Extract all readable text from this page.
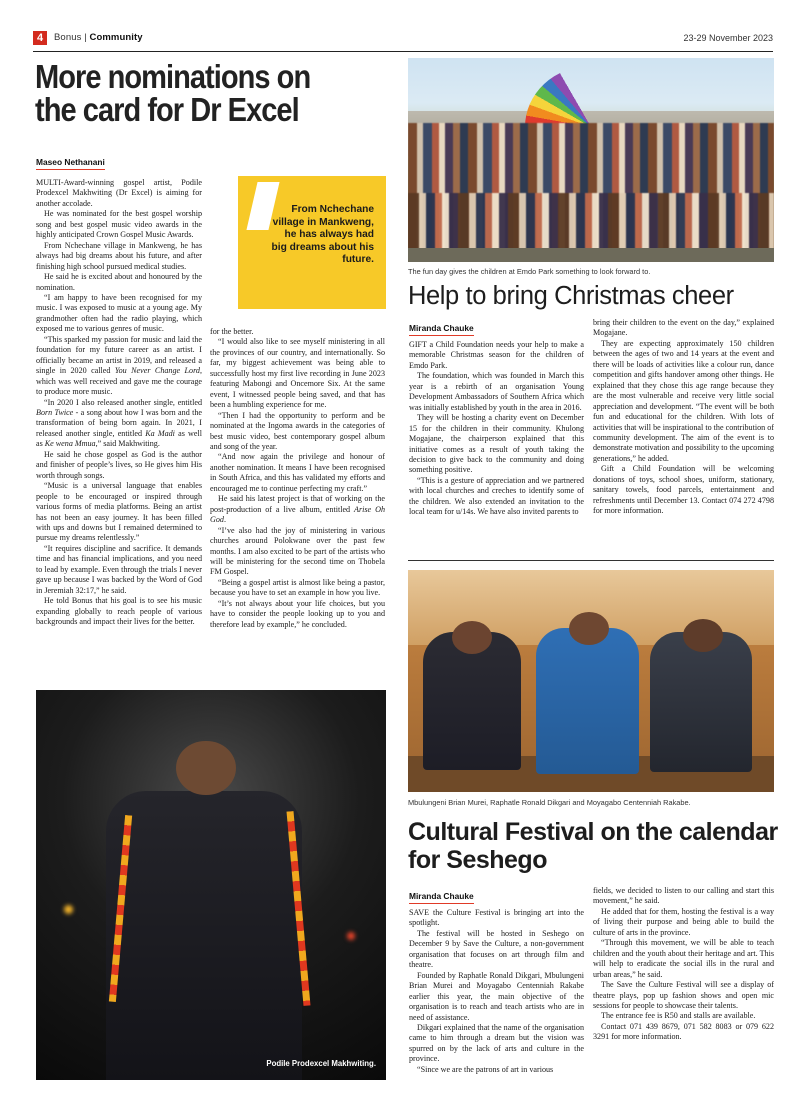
4	Bonus | Community	23-29 November 2023
More nominations on the card for Dr Excel
Maseo Nethanani
From Nchechane village in Mankweng, he has always had big dreams about his future.

MULTI-Award-winning gospel artist, Podile Prodexcel Makhwiting (Dr Excel) is aiming for another accolade.

He was nominated for the best gospel worship song and best gospel music video awards in the highly anticipated Crown Gospel Music Awards.

From Nchechane village in Mankweng, he has always had big dreams about his future, and after finishing high school pursued medical studies.

He said he is excited about and honoured by the nomination.

“I am happy to have been recognised for my music. I was exposed to music at a young age. My grandmother often had the radio playing, which exposed me to various genres of music.

“This sparked my passion for music and laid the foundation for my future career as an artist. I officially became an artist in 2019, and released a single in 2020 called You Never Change Lord, which was well received and gave me the courage to produce more music.

“In 2020 I also released another single, entitled Born Twice - a song about how I was born and the transformation of being born again. In 2021, I released another single, entitled Ka Madi as well as Ke wena Mmua,” said Makhwiting.

He said he chose gospel as God is the author and finisher of people’s lives, so He gives him His worth through songs.

“Music is a universal language that enables people to be encouraged or inspired through various forms of media platforms. Being an artist has not been an easy journey. It has been filled with ups and downs but I remained determined to pursue my dreams relentlessly.”

“It requires discipline and sacrifice. It demands time and has financial implications, and you need to lead by example. Even through the trials I never gave up because I was backed by the Word of God in Jeremiah 32:17,” he said.

He told Bonus that his goal is to see his music expanding globally to reach people of various backgrounds and impact their lives for the better.

for the better.

“I would also like to see myself ministering in all the provinces of our country, and internationally. So far, my biggest achievement was being able to successfully host my first live recording in June 2023 featuring Mabongi and Oncemore Six. At the same event, I witnessed people being saved, and that has been a humbling experience for me.

“Then I had the opportunity to perform and be nominated at the Ingoma awards in the categories of best music video, best contemporary gospel album and song of the year.

“And now again the privilege and honour of another nomination. It means I have been recognised in South Africa, and this has validated my efforts and encouraged me to continue perfecting my craft.”

He said his latest project is that of working on the post-production of a live album, entitled Arise Oh God.

“I’ve also had the joy of ministering in various churches around Polokwane over the past few months. I am also excited to be part of the artists who will be ministering for the second time on Thobela FM Gospel.

“Being a gospel artist is almost like being a pastor, because you have to set an example in how you live.

“It’s not always about your life choices, but you have to consider the people looking up to you and therefore lead by example,” he concluded.

The fun day gives the children at Emdo Park something to look forward to.
Help to bring Christmas cheer
Miranda Chauke

GIFT a Child Foundation needs your help to make a memorable Christmas season for the children of Emdo Park.

The foundation, which was founded in March this year is a rebirth of an organisation Young Development Ambassadors of Southern Africa which was initially established by youth in the area in 2016.

They will be hosting a charity event on December 15 for the children in their community. Khulong Mogajane, the chairperson explained that this initiative comes as a result of youth taking the decision to give back to the community and doing something positive.

“This is a gesture of appreciation and we partnered with local churches and creches to identify some of the children. We also extended an invitation to the local team for u/14s. We have also invited parents to

bring their children to the event on the day,” explained Mogajane.

They are expecting approximately 150 children between the ages of two and 14 years at the event and there will be loads of activities like a colour run, dance competition and gifts handover among other things. He explained that they chose this age range because they are the most vulnerable and receive very little social appreciation and development. “The event will be both fun and educational for the children. With lots of activities that will be inspirational to the contribution of community development. The aim of the event is to demonstrate motivation and possibility to the upcoming generations,” he added.

Gift a Child Foundation will be welcoming donations of toys, school shoes, uniform, stationary, sanitary towels, food parcels, entertainment and refreshments until December 13. Contact 074 272 4798 for more information.

Mbulungeni Brian Murei, Raphatle Ronald Dikgari and Moyagabo Centenniah Rakabe.
Cultural Festival on the calendar for Seshego
Miranda Chauke

SAVE the Culture Festival is bringing art into the spotlight.

The festival will be hosted in Seshego on December 9 by Save the Culture, a non-government organisation that focuses on art through film and theatre.

Founded by Raphatle Ronald Dikgari, Mbulungeni Brian Murei and Moyagabo Centenniah Rakabe earlier this year, the main objective of the organisation is to reach and teach artists who are in need of assistance.

Dikgari explained that the name of the organisation came to him through a dream but the vision was spurred on by the lack of arts and culture in the province.

“Since we are the patrons of art in various

fields, we decided to listen to our calling and start this movement,” he said.

He added that for them, hosting the festival is a way of living their purpose and being able to build the culture of arts in the province.

“Through this movement, we will be able to teach children and the youth about their heritage and art. This will help to eradicate the social ills in the rural and urban areas,” he said.

The Save the Culture Festival will see a display of theatre plays, pop up fashion shows and open mic sessions for people to showcase their talents.

The entrance fee is R50 and stalls are available.

Contact 071 439 8679, 071 582 8083 or 079 622 3291 for more information.

Podile Prodexcel Makhwiting.
